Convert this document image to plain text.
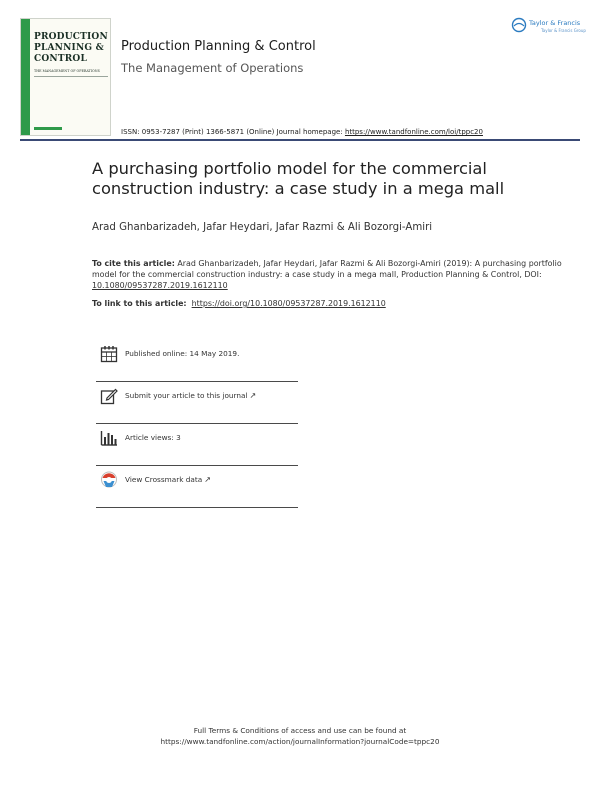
PRODUCTION
PLANNING &
CONTROL
THE MANAGEMENT OF OPERATIONS
Production Planning & Control
The Management of Operations
ISSN: 0953-7287 (Print) 1366-5871 (Online) Journal homepage: https://www.tandfonline.com/loi/tppc20
Taylor & Francis
Taylor & Francis Group
A purchasing portfolio model for the commercial construction industry: a case study in a mega mall
Arad Ghanbarizadeh, Jafar Heydari, Jafar Razmi & Ali Bozorgi-Amiri
To cite this article: Arad Ghanbarizadeh, Jafar Heydari, Jafar Razmi & Ali Bozorgi-Amiri (2019): A purchasing portfolio model for the commercial construction industry: a case study in a mega mall, Production Planning & Control, DOI: 10.1080/09537287.2019.1612110
To link to this article: https://doi.org/10.1080/09537287.2019.1612110
Published online: 14 May 2019.
Submit your article to this journal ↗
Article views: 3
View Crossmark data ↗
Full Terms & Conditions of access and use can be found at
https://www.tandfonline.com/action/journalInformation?journalCode=tppc20
